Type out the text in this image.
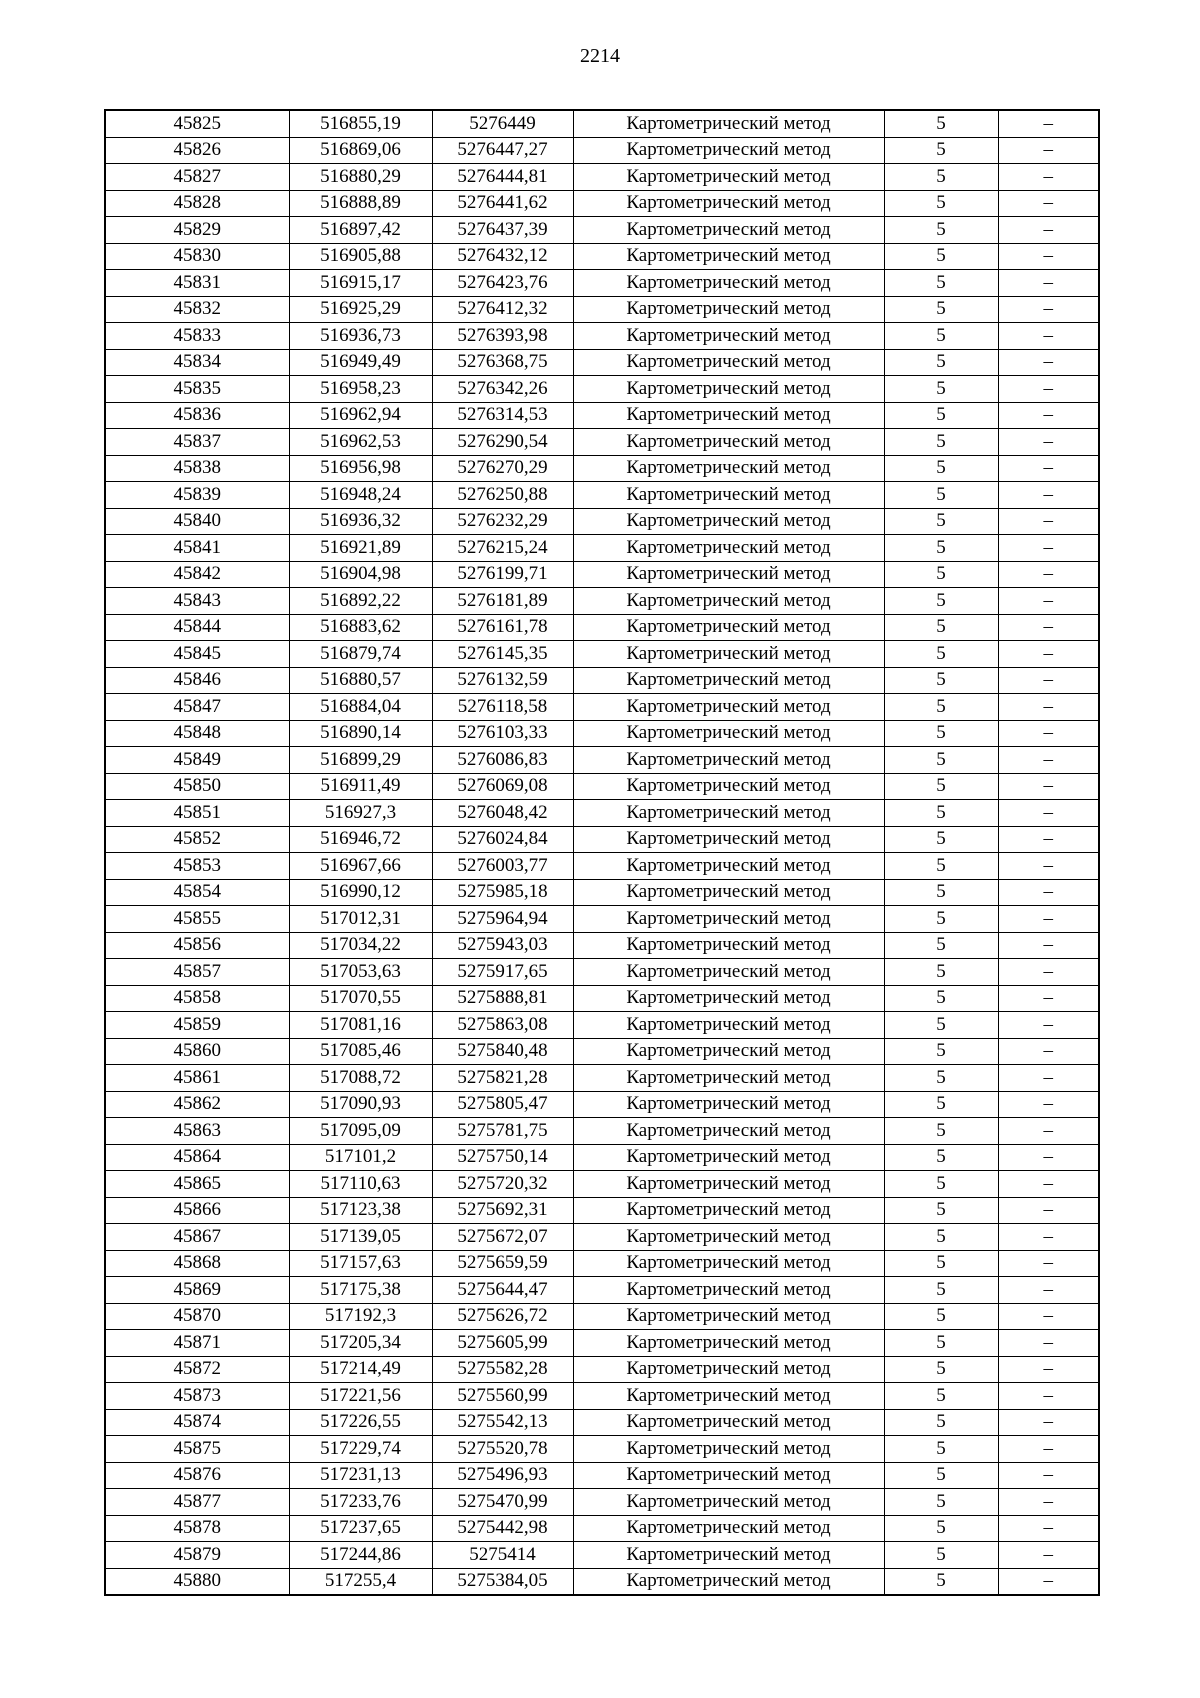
2214
45825	516855,19	5276449	Картометрический метод	5	–
45826	516869,06	5276447,27	Картометрический метод	5	–
45827	516880,29	5276444,81	Картометрический метод	5	–
45828	516888,89	5276441,62	Картометрический метод	5	–
45829	516897,42	5276437,39	Картометрический метод	5	–
45830	516905,88	5276432,12	Картометрический метод	5	–
45831	516915,17	5276423,76	Картометрический метод	5	–
45832	516925,29	5276412,32	Картометрический метод	5	–
45833	516936,73	5276393,98	Картометрический метод	5	–
45834	516949,49	5276368,75	Картометрический метод	5	–
45835	516958,23	5276342,26	Картометрический метод	5	–
45836	516962,94	5276314,53	Картометрический метод	5	–
45837	516962,53	5276290,54	Картометрический метод	5	–
45838	516956,98	5276270,29	Картометрический метод	5	–
45839	516948,24	5276250,88	Картометрический метод	5	–
45840	516936,32	5276232,29	Картометрический метод	5	–
45841	516921,89	5276215,24	Картометрический метод	5	–
45842	516904,98	5276199,71	Картометрический метод	5	–
45843	516892,22	5276181,89	Картометрический метод	5	–
45844	516883,62	5276161,78	Картометрический метод	5	–
45845	516879,74	5276145,35	Картометрический метод	5	–
45846	516880,57	5276132,59	Картометрический метод	5	–
45847	516884,04	5276118,58	Картометрический метод	5	–
45848	516890,14	5276103,33	Картометрический метод	5	–
45849	516899,29	5276086,83	Картометрический метод	5	–
45850	516911,49	5276069,08	Картометрический метод	5	–
45851	516927,3	5276048,42	Картометрический метод	5	–
45852	516946,72	5276024,84	Картометрический метод	5	–
45853	516967,66	5276003,77	Картометрический метод	5	–
45854	516990,12	5275985,18	Картометрический метод	5	–
45855	517012,31	5275964,94	Картометрический метод	5	–
45856	517034,22	5275943,03	Картометрический метод	5	–
45857	517053,63	5275917,65	Картометрический метод	5	–
45858	517070,55	5275888,81	Картометрический метод	5	–
45859	517081,16	5275863,08	Картометрический метод	5	–
45860	517085,46	5275840,48	Картометрический метод	5	–
45861	517088,72	5275821,28	Картометрический метод	5	–
45862	517090,93	5275805,47	Картометрический метод	5	–
45863	517095,09	5275781,75	Картометрический метод	5	–
45864	517101,2	5275750,14	Картометрический метод	5	–
45865	517110,63	5275720,32	Картометрический метод	5	–
45866	517123,38	5275692,31	Картометрический метод	5	–
45867	517139,05	5275672,07	Картометрический метод	5	–
45868	517157,63	5275659,59	Картометрический метод	5	–
45869	517175,38	5275644,47	Картометрический метод	5	–
45870	517192,3	5275626,72	Картометрический метод	5	–
45871	517205,34	5275605,99	Картометрический метод	5	–
45872	517214,49	5275582,28	Картометрический метод	5	–
45873	517221,56	5275560,99	Картометрический метод	5	–
45874	517226,55	5275542,13	Картометрический метод	5	–
45875	517229,74	5275520,78	Картометрический метод	5	–
45876	517231,13	5275496,93	Картометрический метод	5	–
45877	517233,76	5275470,99	Картометрический метод	5	–
45878	517237,65	5275442,98	Картометрический метод	5	–
45879	517244,86	5275414	Картометрический метод	5	–
45880	517255,4	5275384,05	Картометрический метод	5	–
